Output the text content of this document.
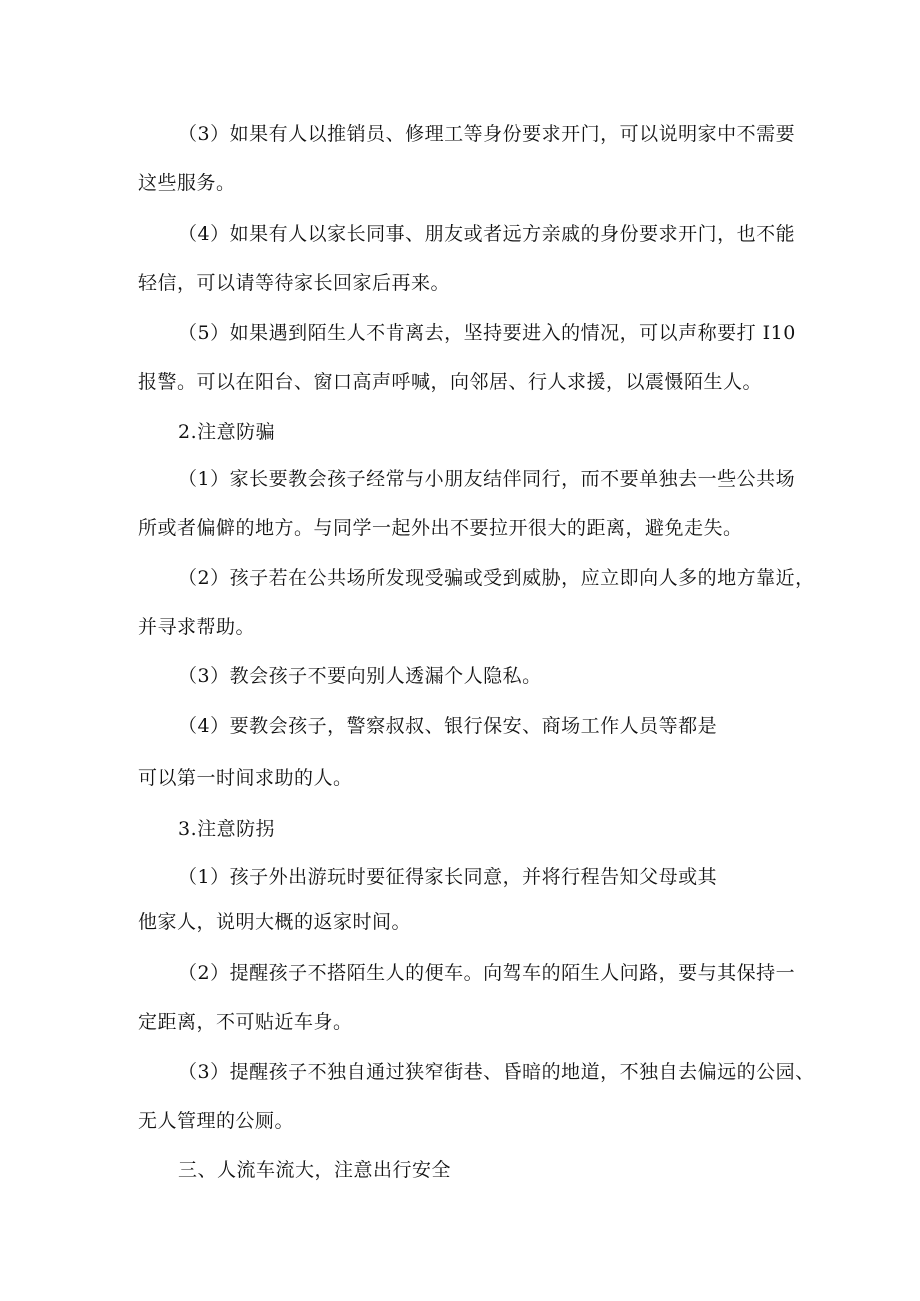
（3）如果有人以推销员、修理工等身份要求开门，可以说明家中不需要
这些服务。
（4）如果有人以家长同事、朋友或者远方亲戚的身份要求开门，也不能
轻信，可以请等待家长回家后再来。
（5）如果遇到陌生人不肯离去，坚持要进入的情况，可以声称要打 I10
报警。可以在阳台、窗口高声呼喊，向邻居、行人求援，以震慑陌生人。
2.注意防骗
（1）家长要教会孩子经常与小朋友结伴同行，而不要单独去一些公共场
所或者偏僻的地方。与同学一起外出不要拉开很大的距离，避免走失。
（2）孩子若在公共场所发现受骗或受到威胁，应立即向人多的地方靠近，
并寻求帮助。
（3）教会孩子不要向别人透漏个人隐私。
（4）要教会孩子，警察叔叔、银行保安、商场工作人员等都是
可以第一时间求助的人。
3.注意防拐
（1）孩子外出游玩时要征得家长同意，并将行程告知父母或其
他家人，说明大概的返家时间。
（2）提醒孩子不搭陌生人的便车。向驾车的陌生人问路，要与其保持一
定距离，不可贴近车身。
（3）提醒孩子不独自通过狭窄街巷、昏暗的地道，不独自去偏远的公园、
无人管理的公厕。
三、人流车流大，注意出行安全
